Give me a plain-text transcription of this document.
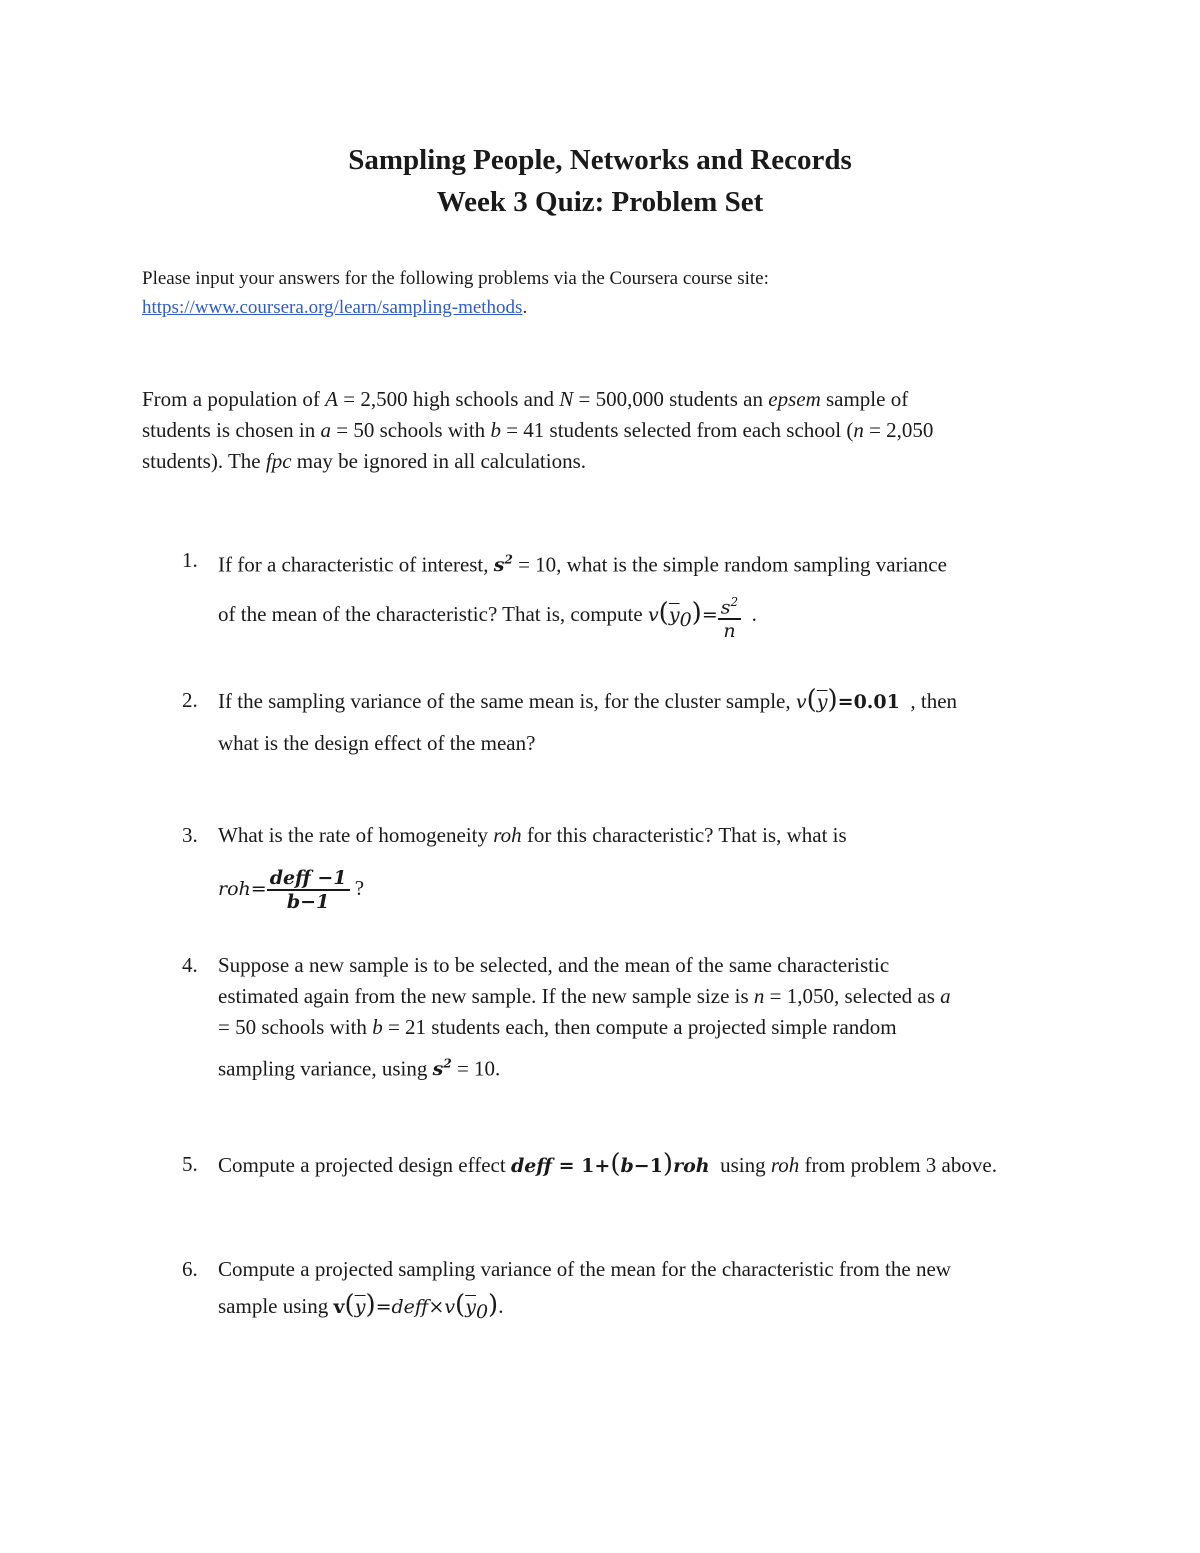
Sampling People, Networks and Records
Week 3 Quiz: Problem Set
Please input your answers for the following problems via the Coursera course site:
https://www.coursera.org/learn/sampling-methods.
From a population of A = 2,500 high schools and N = 500,000 students an epsem sample of
students is chosen in a = 50 schools with b = 41 students selected from each school (n = 2,050
students). The fpc may be ignored in all calculations.
1. If for a characteristic of interest, $s^2 = 10$, what is the simple random sampling variance
of the mean of the characteristic? That is, compute $v(\overline{y}_0)= \frac{s^2}{n}$ .
2. If the sampling variance of the same mean is, for the cluster sample, $v(\overline{y})=0.01$ , then
what is the design effect of the mean?
3. What is the rate of homogeneity roh for this characteristic? That is, what is
$roh= \frac{\text{deff −1}}{b-1}$ ?
4. Suppose a new sample is to be selected, and the mean of the same characteristic
estimated again from the new sample. If the new sample size is n = 1,050, selected as a
= 50 schools with b = 21 students each, then compute a projected simple random
sampling variance, using $s^2 = 10$.
5. Compute a projected design effect deff = 1+(b−1)roh  using roh from problem 3 above.
6. Compute a projected sampling variance of the mean for the characteristic from the new
sample using $v(\overline{y})=deff\times v(\overline{y}_0)$.
